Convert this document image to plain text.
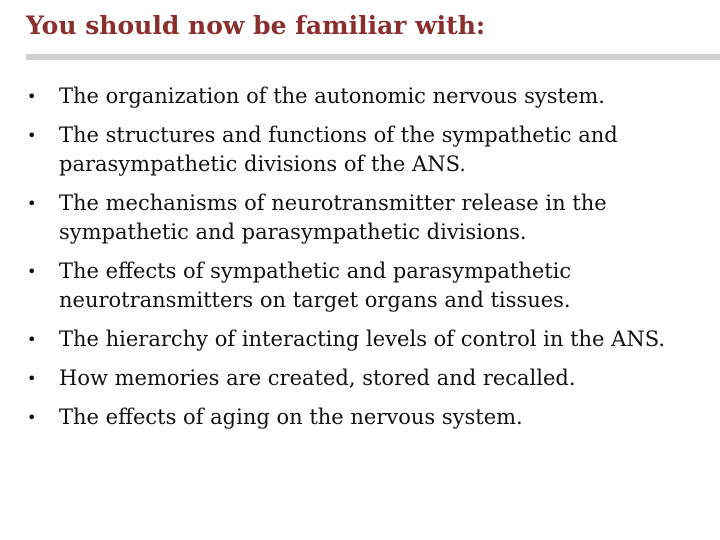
You should now be familiar with:
•	The organization of the autonomic nervous system.
•	The structures and functions of the sympathetic and parasympathetic divisions of the ANS.
•	The mechanisms of neurotransmitter release in the sympathetic and parasympathetic divisions.
•	The effects of sympathetic and parasympathetic neurotransmitters on target organs and tissues.
•	The hierarchy of interacting levels of control in the ANS.
•	How memories are created, stored and recalled.
•	The effects of aging on the nervous system.
